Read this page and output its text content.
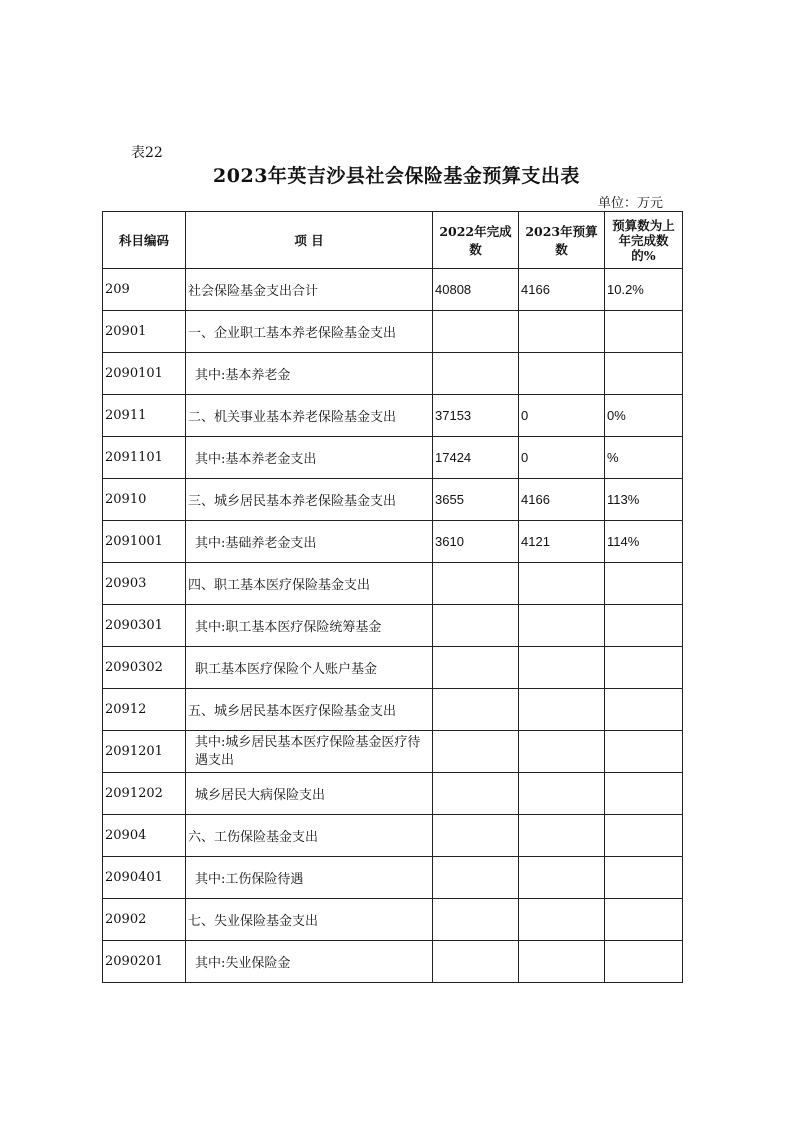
表22
2023年英吉沙县社会保险基金预算支出表
单位：万元
科目编码	项 目	2022年完成数	2023年预算数	预算数为上年完成数的%
209	社会保险基金支出合计	40808	4166	10.2%
20901	一、企业职工基本养老保险基金支出			
2090101	其中:基本养老金			
20911	二、机关事业基本养老保险基金支出	37153	0	0%
2091101	其中:基本养老金支出	17424	0	%
20910	三、城乡居民基本养老保险基金支出	3655	4166	113%
2091001	其中:基础养老金支出	3610	4121	114%
20903	四、职工基本医疗保险基金支出			
2090301	其中:职工基本医疗保险统筹基金			
2090302	职工基本医疗保险个人账户基金			
20912	五、城乡居民基本医疗保险基金支出			
2091201	其中:城乡居民基本医疗保险基金医疗待遇支出			
2091202	城乡居民大病保险支出			
20904	六、工伤保险基金支出			
2090401	其中:工伤保险待遇			
20902	七、失业保险基金支出			
2090201	其中:失业保险金			
